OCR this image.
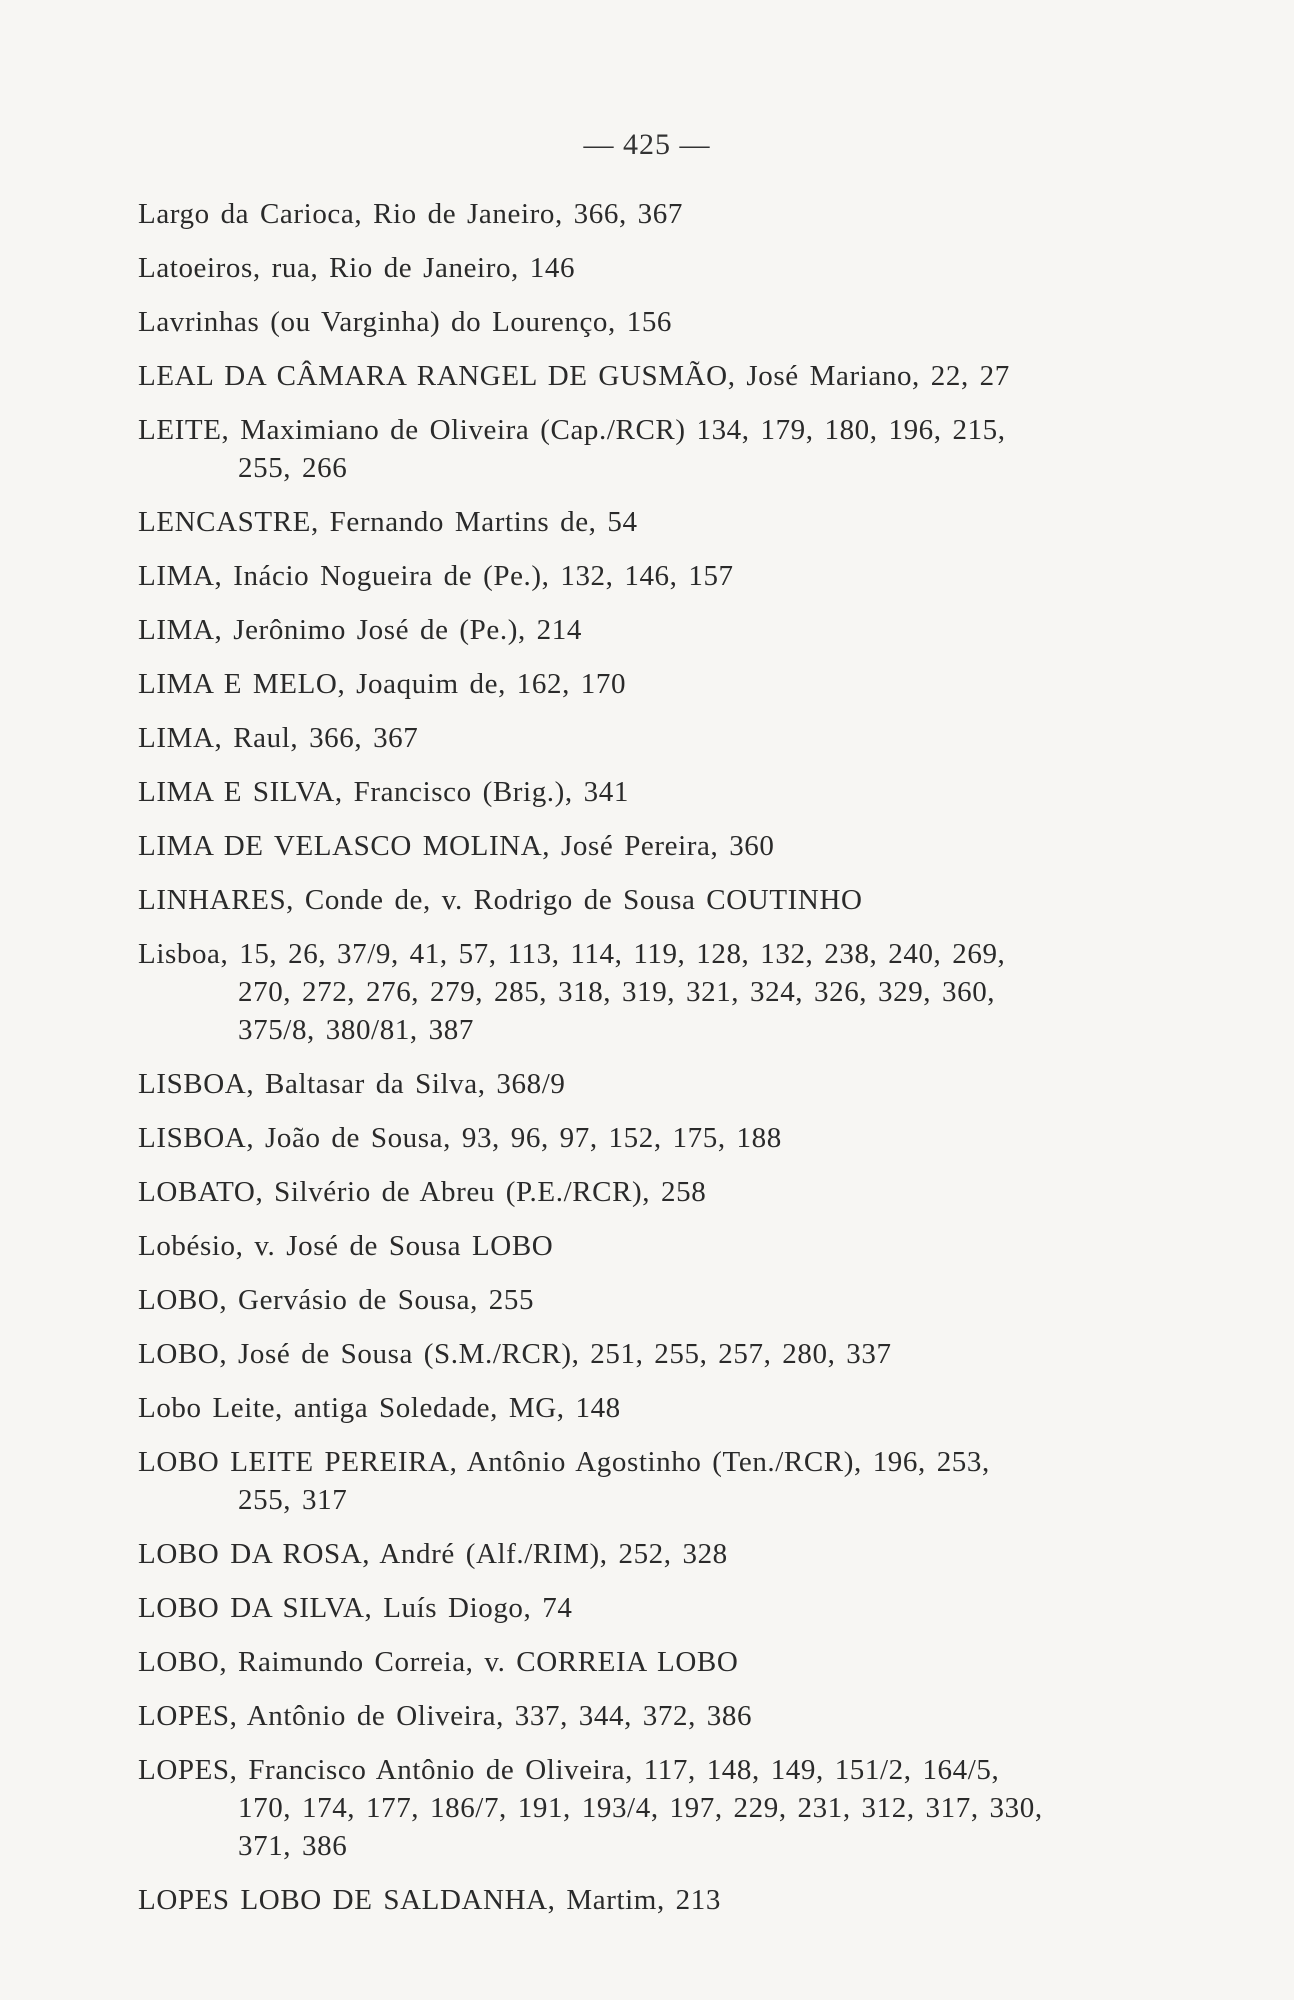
— 425 —
Largo da Carioca, Rio de Janeiro, 366, 367
Latoeiros, rua, Rio de Janeiro, 146
Lavrinhas (ou Varginha) do Lourenço, 156
LEAL DA CÂMARA RANGEL DE GUSMÃO, José Mariano, 22, 27
LEITE, Maximiano de Oliveira (Cap./RCR) 134, 179, 180, 196, 215,
255, 266
LENCASTRE, Fernando Martins de, 54
LIMA, Inácio Nogueira de (Pe.), 132, 146, 157
LIMA, Jerônimo José de (Pe.), 214
LIMA E MELO, Joaquim de, 162, 170
LIMA, Raul, 366, 367
LIMA E SILVA, Francisco (Brig.), 341
LIMA DE VELASCO MOLINA, José Pereira, 360
LINHARES, Conde de, v. Rodrigo de Sousa COUTINHO
Lisboa, 15, 26, 37/9, 41, 57, 113, 114, 119, 128, 132, 238, 240, 269,
270, 272, 276, 279, 285, 318, 319, 321, 324, 326, 329, 360,
375/8, 380/81, 387
LISBOA, Baltasar da Silva, 368/9
LISBOA, João de Sousa, 93, 96, 97, 152, 175, 188
LOBATO, Silvério de Abreu (P.E./RCR), 258
Lobésio, v. José de Sousa LOBO
LOBO, Gervásio de Sousa, 255
LOBO, José de Sousa (S.M./RCR), 251, 255, 257, 280, 337
Lobo Leite, antiga Soledade, MG, 148
LOBO LEITE PEREIRA, Antônio Agostinho (Ten./RCR), 196, 253,
255, 317
LOBO DA ROSA, André (Alf./RIM), 252, 328
LOBO DA SILVA, Luís Diogo, 74
LOBO, Raimundo Correia, v. CORREIA LOBO
LOPES, Antônio de Oliveira, 337, 344, 372, 386
LOPES, Francisco Antônio de Oliveira, 117, 148, 149, 151/2, 164/5,
170, 174, 177, 186/7, 191, 193/4, 197, 229, 231, 312, 317, 330,
371, 386
LOPES LOBO DE SALDANHA, Martim, 213
